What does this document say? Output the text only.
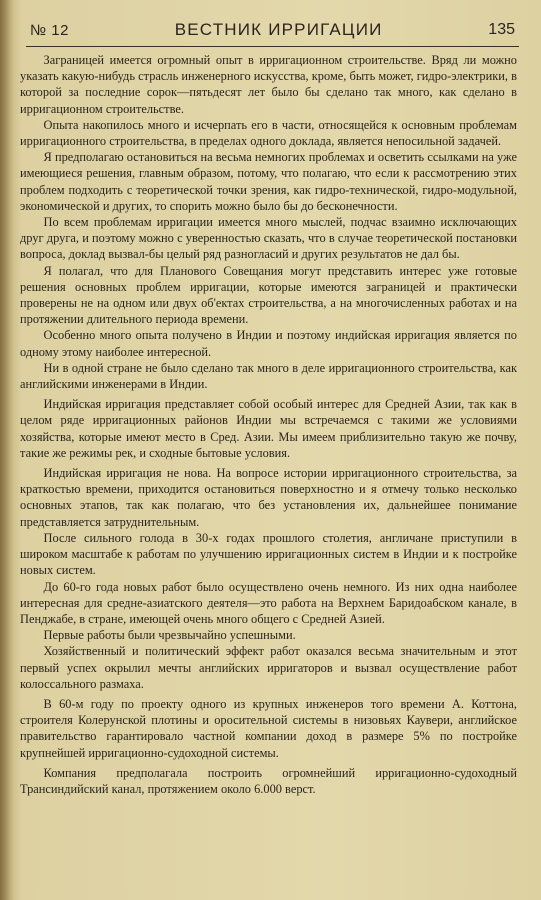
№ 12	ВЕСТНИК ИРРИГАЦИИ	135

Заграницей имеется огромный опыт в ирригационном строительстве. Вряд ли можно указать какую-нибудь страсль инженерного искусства, кроме, быть может, гидро-электрики, в которой за последние сорок—пятьдесят лет было бы сделано так много, как сделано в ирригационном строительстве.

Опыта накопилось много и исчерпать его в части, относящейся к основным проблемам ирригационного строительства, в пределах одного доклада, является непосильной задачей.

Я предполагаю остановиться на весьма немногих проблемах и осветить ссылками на уже имеющиеся решения, главным образом, потому, что полагаю, что если к рассмотрению этих проблем подходить с теоретической точки зрения, как гидро-технической, гидро-модульной, экономической и других, то спорить можно было бы до бесконечности.

По всем проблемам ирригации имеется много мыслей, подчас взаимно исключающих друг друга, и поэтому можно с уверенностью сказать, что в случае теоретической постановки вопроса, доклад вызвал-бы целый ряд разногласий и других результатов не дал бы.

Я полагал, что для Планового Совещания могут представить интерес уже готовые решения основных проблем ирригации, которые имеются заграницей и практически проверены не на одном или двух об'ектах строительства, а на многочисленных работах и на протяжении длительного периода времени.

Особенно много опыта получено в Индии и поэтому индийская ирригация является по одному этому наиболее интересной.

Ни в одной стране не было сделано так много в деле ирригационного строительства, как английскими инженерами в Индии.

Индийская ирригация представляет собой особый интерес для Средней Азии, так как в целом ряде ирригационных районов Индии мы встречаемся с такими же условиями хозяйства, которые имеют место в Сред. Азии. Мы имеем приблизительно такую же почву, такие же режимы рек, и сходные бытовые условия.

Индийская ирригация не нова. На вопросе истории ирригационного строительства, за краткостью времени, приходится остановиться поверхностно и я отмечу только несколько основных этапов, так как полагаю, что без установления их, дальнейшее понимание представляется затруднительным.

После сильного голода в 30-х годах прошлого столетия, англичане приступили в широком масштабе к работам по улучшению ирригационных систем в Индии и к постройке новых систем.

До 60-го года новых работ было осуществлено очень немного. Из них одна наиболее интересная для средне-азиатского деятеля—это работа на Верхнем Баридоабском канале, в Пенджабе, в стране, имеющей очень много общего с Средней Азией.

Первые работы были чрезвычайно успешными.

Хозяйственный и политический эффект работ оказался весьма значительным и этот первый успех окрылил мечты английских ирригаторов и вызвал осуществление работ колоссального размаха.

В 60-м году по проекту одного из крупных инженеров того времени А. Коттона, строителя Колерунской плотины и оросительной системы в низовьях Каувери, английское правительство гарантировало частной компании доход в размере 5% по постройке крупнейшей ирригационно-судоходной системы.

Компания предполагала построить огромнейший ирригационно-судоходный Трансиндийский канал, протяжением около 6.000 верст.
